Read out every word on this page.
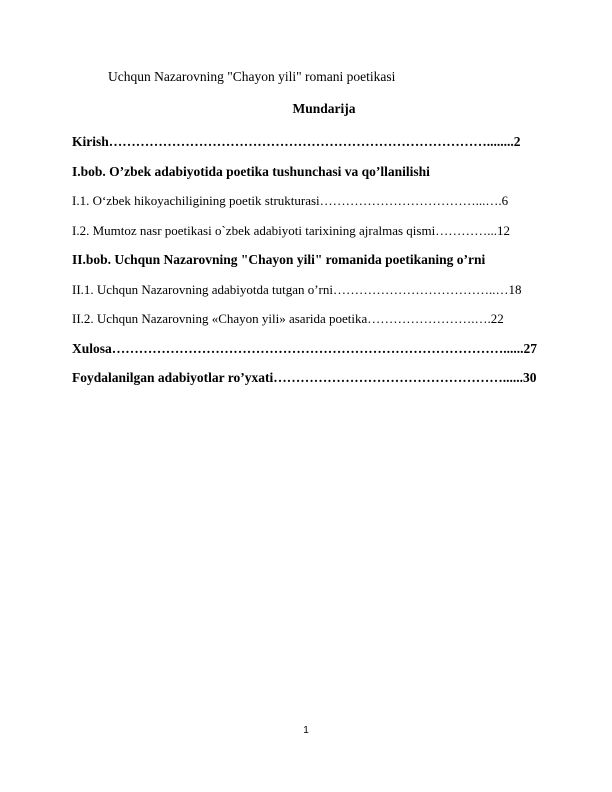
Uchqun Nazarovning "Chayon yili" romani poetikasi
Mundarija
Kirish…………………………………………………………………………........2
I.bob. O’zbek adabiyotida poetika tushunchasi va qo’llanilishi
I.1. O‘zbek hikoyachiligining poetik strukturasi………………………………...….6
I.2. Mumtoz nasr poetikasi o`zbek adabiyoti tarixining ajralmas qismi…………...12
II.bob. Uchqun Nazarovning "Chayon yili" romanida poetikaning o’rni
II.1. Uchqun Nazarovning adabiyotda tutgan o’rni………………………………..…18
II.2. Uchqun Nazarovning «Chayon yili» asarida poetika…………………….….22
Xulosa……………………………………………………………………………......27
Foydalanilgan adabiyotlar ro’yxati……………………………………………......30
1
